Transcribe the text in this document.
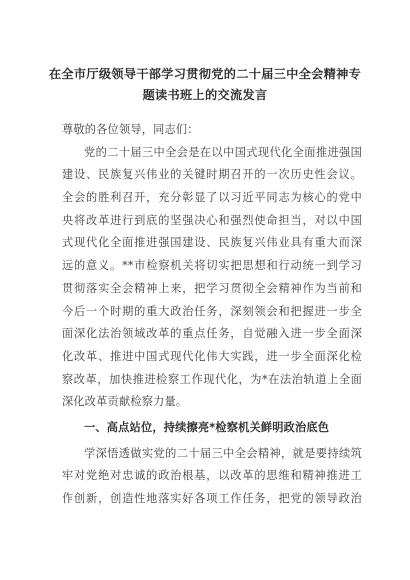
在全市厅级领导干部学习贯彻党的二十届三中全会精神专
题读书班上的交流发言
尊敬的各位领导，同志们：
党的二十届三中全会是在以中国式现代化全面推进强国
建设、民族复兴伟业的关键时期召开的一次历史性会议。
全会的胜利召开，充分彰显了以习近平同志为核心的党中
央将改革进行到底的坚强决心和强烈使命担当，对以中国
式现代化全面推进强国建设、民族复兴伟业具有重大而深
远的意义。**市检察机关将切实把思想和行动统一到学习
贯彻落实全会精神上来，把学习贯彻全会精神作为当前和
今后一个时期的重大政治任务，深刻领会和把握进一步全
面深化法治领域改革的重点任务，自觉融入进一步全面深
化改革、推进中国式现代化伟大实践，进一步全面深化检
察改革，加快推进检察工作现代化，为*在法治轨道上全面
深化改革贡献检察力量。
一、高点站位，持续擦亮*检察机关鲜明政治底色
学深悟透做实党的二十届三中全会精神，就是要持续筑
牢对党绝对忠诚的政治根基，以改革的思维和精神推进工
作创新，创造性地落实好各项工作任务，把党的领导政治
